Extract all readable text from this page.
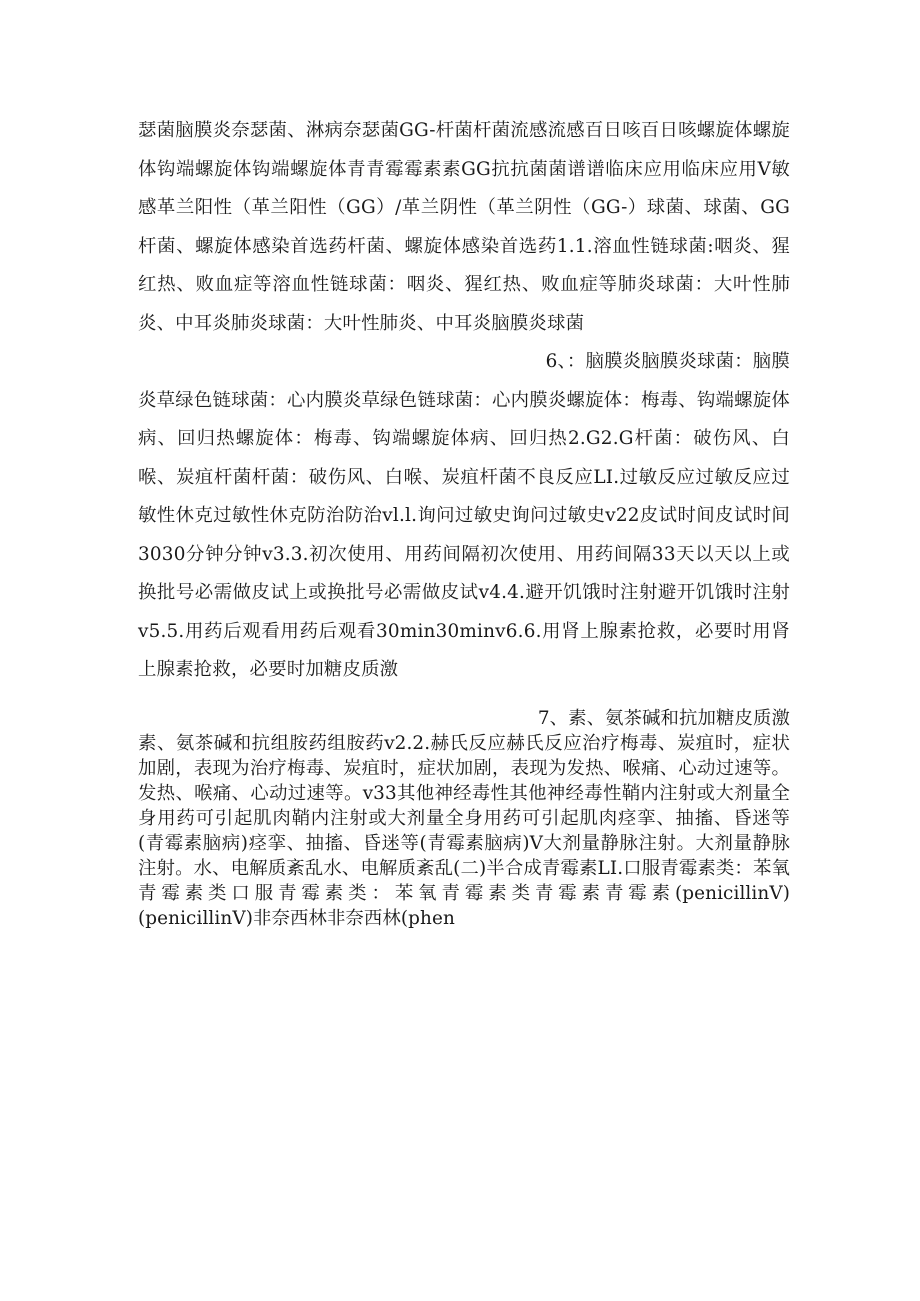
瑟菌脑膜炎奈瑟菌、淋病奈瑟菌GG-杆菌杆菌流感流感百日咳百日咳螺旋体螺旋体钩端螺旋体钩端螺旋体青青霉霉素素GG抗抗菌菌谱谱临床应用临床应用V敏感革兰阳性（革兰阳性（GG）/革兰阴性（革兰阴性（GG-）球菌、球菌、GG杆菌、螺旋体感染首选药杆菌、螺旋体感染首选药1.1.溶血性链球菌:咽炎、猩红热、败血症等溶血性链球菌：咽炎、猩红热、败血症等肺炎球菌：大叶性肺炎、中耳炎肺炎球菌：大叶性肺炎、中耳炎脑膜炎球菌

6、：脑膜炎脑膜炎球菌：脑膜

炎草绿色链球菌：心内膜炎草绿色链球菌：心内膜炎螺旋体：梅毒、钩端螺旋体病、回归热螺旋体：梅毒、钩端螺旋体病、回归热2.G2.G杆菌：破伤风、白喉、炭疽杆菌杆菌：破伤风、白喉、炭疽杆菌不良反应LI.过敏反应过敏反应过敏性休克过敏性休克防治防治vl.l.询问过敏史询问过敏史v22皮试时间皮试时间3030分钟分钟v3.3.初次使用、用药间隔初次使用、用药间隔33天以天以上或换批号必需做皮试上或换批号必需做皮试v4.4.避开饥饿时注射避开饥饿时注射v5.5.用药后观看用药后观看30min30minv6.6.用肾上腺素抢救，必要时用肾上腺素抢救，必要时加糖皮质激

7、素、氨茶碱和抗加糖皮质激

素、氨茶碱和抗组胺药组胺药v2.2.赫氏反应赫氏反应治疗梅毒、炭疽时，症状加剧，表现为治疗梅毒、炭疽时，症状加剧，表现为发热、喉痛、心动过速等。发热、喉痛、心动过速等。v33其他神经毒性其他神经毒性鞘内注射或大剂量全身用药可引起肌肉鞘内注射或大剂量全身用药可引起肌肉痉挛、抽搐、昏迷等(青霉素脑病)痉挛、抽搐、昏迷等(青霉素脑病)V大剂量静脉注射。大剂量静脉注射。水、电解质紊乱水、电解质紊乱(二)半合成青霉素LI.口服青霉素类：苯氧青霉素类口服青霉素类：苯氧青霉素类青霉素青霉素(penicillinV)(penicillinV)非奈西林非奈西林(phen
